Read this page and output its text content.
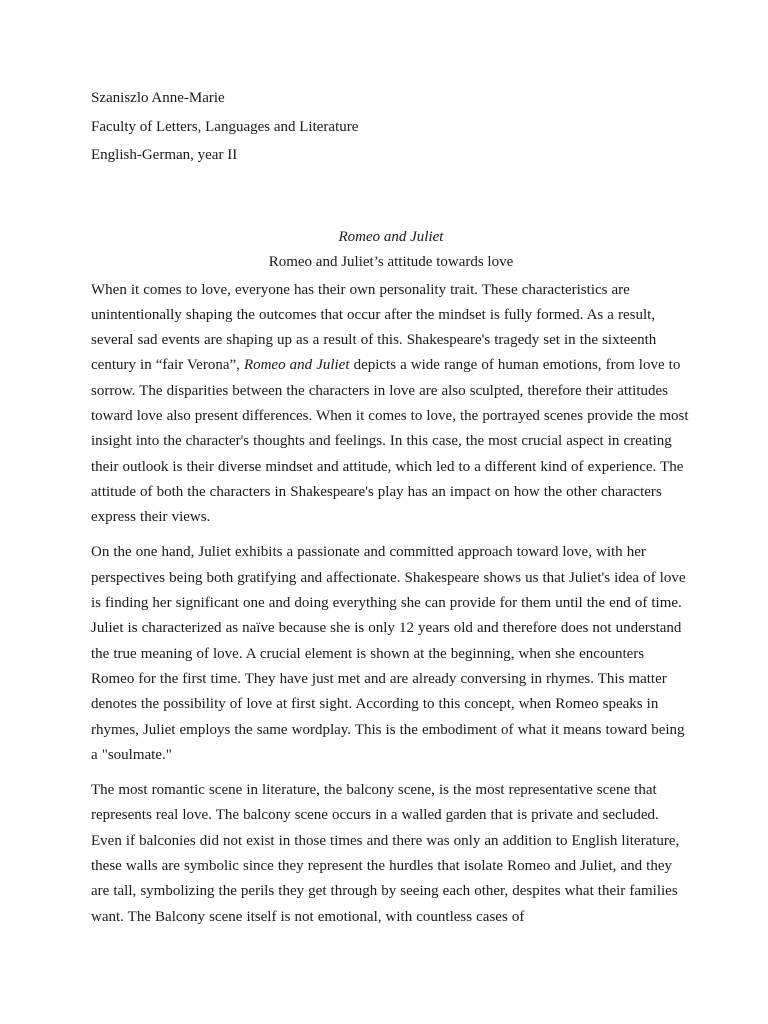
Szaniszlo Anne-Marie

Faculty of Letters, Languages and Literature

English-German, year II

Romeo and Juliet

Romeo and Juliet’s attitude towards love

When it comes to love, everyone has their own personality trait. These characteristics are unintentionally shaping the outcomes that occur after the mindset is fully formed. As a result, several sad events are shaping up as a result of this. Shakespeare's tragedy set in the sixteenth century in “fair Verona”, Romeo and Juliet depicts a wide range of human emotions, from love to sorrow. The disparities between the characters in love are also sculpted, therefore their attitudes toward love also present differences. When it comes to love, the portrayed scenes provide the most insight into the character's thoughts and feelings. In this case, the most crucial aspect in creating their outlook is their diverse mindset and attitude, which led to a different kind of experience. The attitude of both the characters in Shakespeare's play has an impact on how the other characters express their views.

On the one hand, Juliet exhibits a passionate and committed approach toward love, with her perspectives being both gratifying and affectionate. Shakespeare shows us that Juliet's idea of love is finding her significant one and doing everything she can provide for them until the end of time. Juliet is characterized as naïve because she is only 12 years old and therefore does not understand the true meaning of love. A crucial element is shown at the beginning, when she encounters Romeo for the first time. They have just met and are already conversing in rhymes. This matter denotes the possibility of love at first sight. According to this concept, when Romeo speaks in rhymes, Juliet employs the same wordplay. This is the embodiment of what it means toward being a "soulmate."

The most romantic scene in literature, the balcony scene, is the most representative scene that represents real love. The balcony scene occurs in a walled garden that is private and secluded. Even if balconies did not exist in those times and there was only an addition to English literature, these walls are symbolic since they represent the hurdles that isolate Romeo and Juliet, and they are tall, symbolizing the perils they get through by seeing each other, despites what their families want. The Balcony scene itself is not emotional, with countless cases of
